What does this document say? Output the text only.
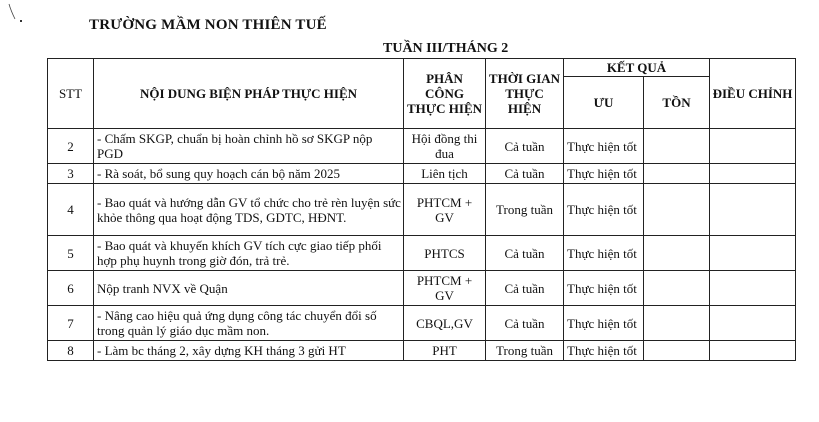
TRƯỜNG MẦM NON THIÊN TUẾ
TUẦN III/THÁNG 2
STT	NỘI DUNG BIỆN PHÁP THỰC HIỆN	PHÂN CÔNG THỰC HIỆN	THỜI GIAN THỰC HIỆN	KẾT QUẢ		ĐIỀU CHỈNH
				ƯU	TỒN	
2	- Chấm SKGP, chuẩn bị hoàn chỉnh hồ sơ SKGP nộp PGD	Hội đồng thi đua	Cả tuần	Thực hiện tốt		
3	- Rà soát, bổ sung quy hoạch cán bộ năm 2025	Liên tịch	Cả tuần	Thực hiện tốt		
4	- Bao quát và hướng dẫn GV tổ chức cho trẻ rèn luyện sức khỏe thông qua hoạt động TDS, GDTC, HĐNT.	PHTCM + GV	Trong tuần	Thực hiện tốt		
5	- Bao quát và khuyến khích GV tích cực giao tiếp phối hợp phụ huynh trong giờ đón, trả trẻ.	PHTCS	Cả tuần	Thực hiện tốt		
6	Nộp tranh NVX về Quận	PHTCM + GV	Cả tuần	Thực hiện tốt		
7	- Nâng cao hiệu quả ứng dụng công tác chuyển đổi số trong quản lý giáo dục mầm non.	CBQL,GV	Cả tuần	Thực hiện tốt		
8	- Làm bc tháng 2, xây dựng KH tháng 3 gửi HT	PHT	Trong tuần	Thực hiện tốt		
